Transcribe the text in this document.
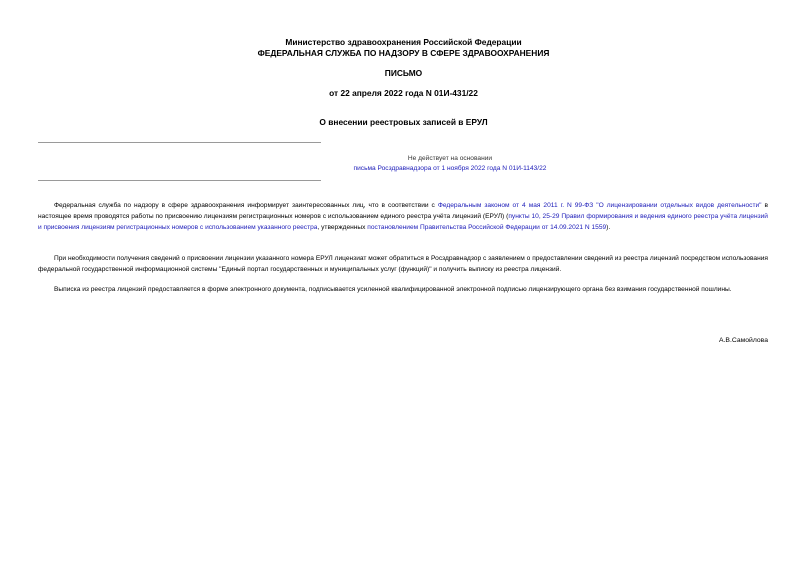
Министерство здравоохранения Российской Федерации
ФЕДЕРАЛЬНАЯ СЛУЖБА ПО НАДЗОРУ В СФЕРЕ ЗДРАВООХРАНЕНИЯ
ПИСЬМО
от 22 апреля 2022 года N 01И-431/22
О внесении реестровых записей в ЕРУЛ
Не действует на основании
письма Росздравнадзора от 1 ноября 2022 года N 01И-1143/22

Федеральная служба по надзору в сфере здравоохранения информирует заинтересованных лиц, что в соответствии с Федеральным законом от 4 мая 2011 г. N 99-ФЗ "О лицензировании отдельных видов деятельности" в настоящее время проводятся работы по присвоению лицензиям регистрационных номеров с использованием единого реестра учёта лицензий (ЕРУЛ) (пункты 10, 25-29 Правил формирования и ведения единого реестра учёта лицензий и присвоения лицензиям регистрационных номеров с использованием указанного реестра, утвержденных постановлением Правительства Российской Федерации от 14.09.2021 N 1559).

При необходимости получения сведений о присвоении лицензии указанного номера ЕРУЛ лицензиат может обратиться в Росздравнадзор с заявлением о предоставлении сведений из реестра лицензий посредством использования федеральной государственной информационной системы "Единый портал государственных и муниципальных услуг (функций)" и получить выписку из реестра лицензий.

Выписка из реестра лицензий предоставляется в форме электронного документа, подписывается усиленной квалифицированной электронной подписью лицензирующего органа без взимания государственной пошлины.

А.В.Самойлова
